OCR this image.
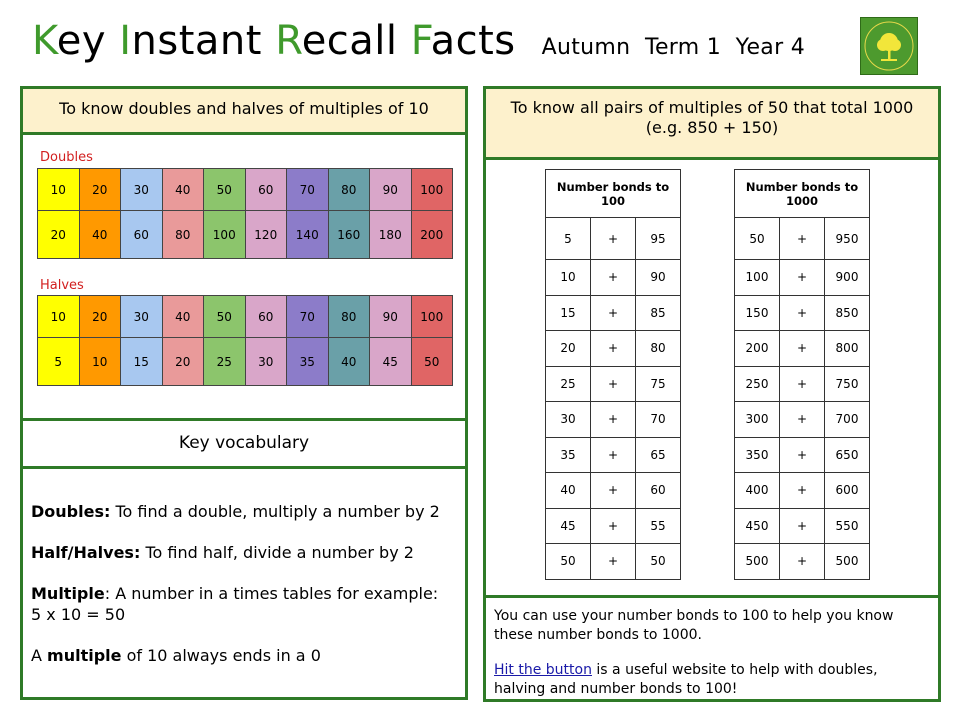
Key Instant Recall Facts Autumn  Term 1  Year 4
To know doubles and halves of multiples of 10
Doubles
10	20	30	40	50	60	70	80	90	100
20	40	60	80	100	120	140	160	180	200
Halves
10	20	30	40	50	60	70	80	90	100
5	10	15	20	25	30	35	40	45	50
Key vocabulary

Doubles: To find a double, multiply a number by 2

Half/Halves: To find half, divide a number by 2

Multiple: A number in a times tables for example:

5 x 10 = 50

A multiple of 10 always ends in a 0

To know all pairs of multiples of 50 that total 1000
(e.g. 850 + 150)
Number bonds to 100		
5	+	95
10	+	90
15	+	85
20	+	80
25	+	75
30	+	70
35	+	65
40	+	60
45	+	55
50	+	50
Number bonds to 1000		
50	+	950
100	+	900
150	+	850
200	+	800
250	+	750
300	+	700
350	+	650
400	+	600
450	+	550
500	+	500
You can use your number bonds to 100 to help you know these number bonds to 1000.
Hit the button is a useful website to help with doubles, halving and number bonds to 100!
